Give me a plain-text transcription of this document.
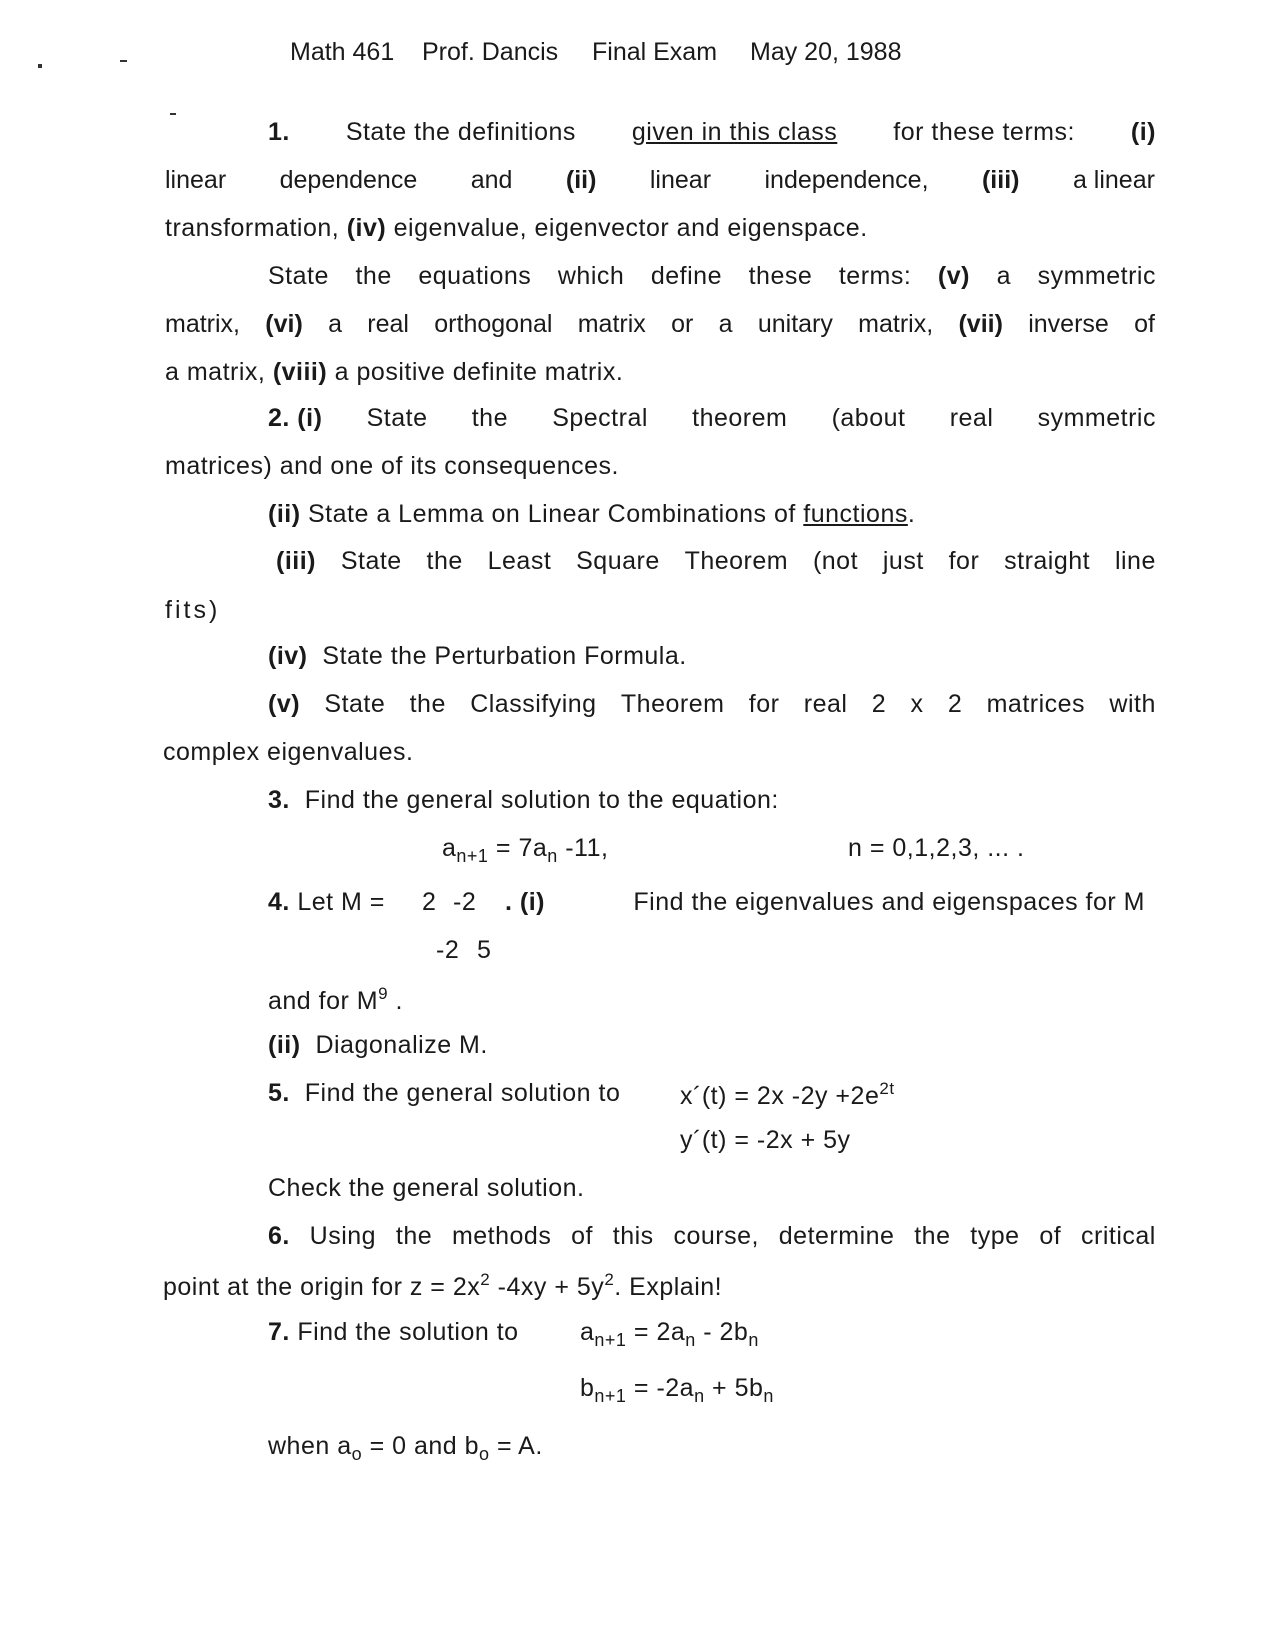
Math 461 Prof. Dancis Final Exam May 20, 1988
1. State the definitions given in this class for these terms: (i)
linear dependence and (ii) linear independence, (iii) a linear
transformation, (iv) eigenvalue, eigenvector and eigenspace.
State the equations which define these terms: (v) a symmetric
matrix, (vi) a real orthogonal matrix or a unitary matrix, (vii) inverse of
a matrix, (viii) a positive definite matrix.
2. (i) State the Spectral theorem (about real symmetric
matrices) and one of its consequences.
(ii) State a Lemma on Linear Combinations of functions.
(iii) State the Least Square Theorem (not just for straight line
fits)
(iv) State the Perturbation Formula.
(v) State the Classifying Theorem for real 2 x 2 matrices with
complex eigenvalues.
3. Find the general solution to the equation:
$a_{n+1} = 7a_n$ -11,	n = 0,1,2,3, ... .
4. Let M = 2 -2
-2 5
. (i)	Find the eigenvalues and eigenspaces for M
and for $M^9$ .
(ii) Diagonalize M.
5. Find the general solution to x´(t) = 2x $-2y +2e^{2t}$
y´(t) = -2x + 5y
Check the general solution.
6. Using the methods of this course, determine the type of critical
point at the origin for $z = 2x^2$ $-4xy + 5y^2$. Explain!
7. Find the solution to $a_{n+1} = 2a_n - 2b_n$
$b_{n+1} = -2a_n + 5b_n$
when $a_o = 0$ and $b_o = A$.
